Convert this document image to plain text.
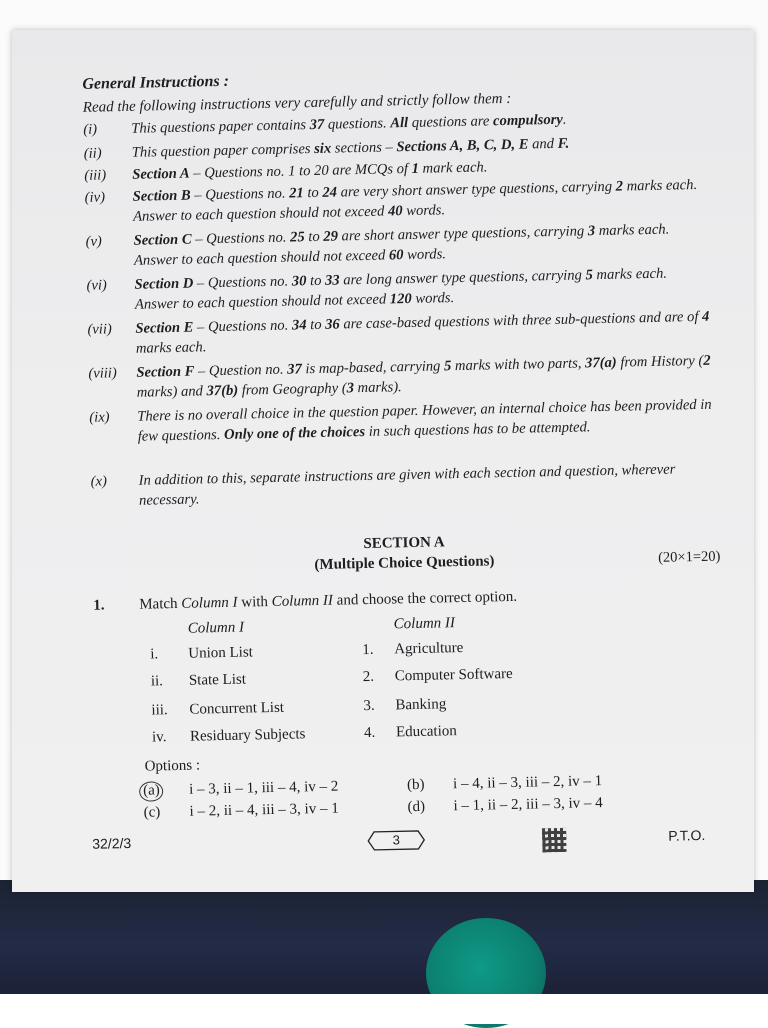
General Instructions :
Read the following instructions very carefully and strictly follow them :
(i)	This questions paper contains 37 questions. All questions are compulsory.
(ii)	This question paper comprises six sections – Sections A, B, C, D, E and F.
(iii)	Section A – Questions no. 1 to 20 are MCQs of 1 mark each.
(iv)	Section B – Questions no. 21 to 24 are very short answer type questions, carrying 2 marks each. Answer to each question should not exceed 40 words.
(v)	Section C – Questions no. 25 to 29 are short answer type questions, carrying 3 marks each. Answer to each question should not exceed 60 words.
(vi)	Section D – Questions no. 30 to 33 are long answer type questions, carrying 5 marks each. Answer to each question should not exceed 120 words.
(vii)	Section E – Questions no. 34 to 36 are case-based questions with three sub-questions and are of 4 marks each.
(viii)	Section F – Question no. 37 is map-based, carrying 5 marks with two parts, 37(a) from History (2 marks) and 37(b) from Geography (3 marks).
(ix)	There is no overall choice in the question paper. However, an internal choice has been provided in few questions. Only one of the choices in such questions has to be attempted.
(x)	In addition to this, separate instructions are given with each section and question, wherever necessary.
SECTION A
(Multiple Choice Questions)	(20×1=20)
1. Match Column I with Column II and choose the correct option.
Column I	Column II
i. Union List	1. Agriculture
ii. State List	2. Computer Software
iii. Concurrent List	3. Banking
iv. Residuary Subjects	4. Education
Options :
(a) i – 3, ii – 1, iii – 4, iv – 2	(b) i – 4, ii – 3, iii – 2, iv – 1
(c) i – 2, ii – 4, iii – 3, iv – 1	(d) i – 1, ii – 2, iii – 3, iv – 4
32/2/3	3	P.T.O.
